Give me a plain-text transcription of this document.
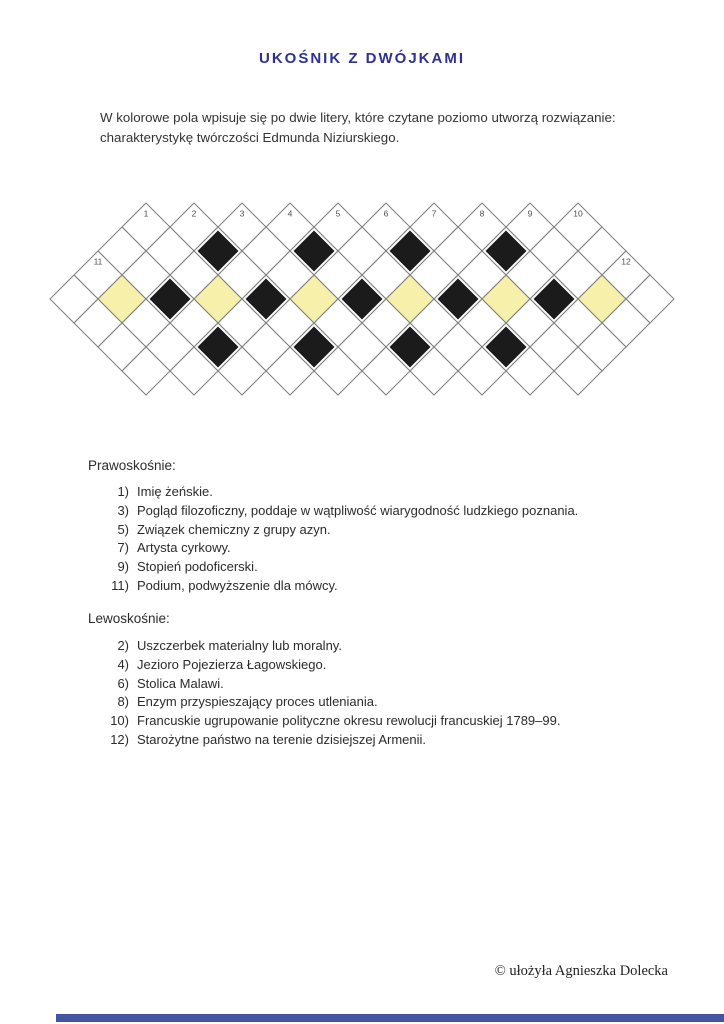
UKOŚNIK Z DWÓJKAMI
W kolorowe pola wpisuje się po dwie litery, które czytane poziomo utworzą rozwiązanie:
charakterystykę twórczości Edmunda Niziurskiego.
1	2	3	4	5	6	7	8	9	10
11	12
Prawoskośnie:
1) Imię żeńskie.
3) Pogląd filozoficzny, poddaje w wątpliwość wiarygodność ludzkiego poznania.
5) Związek chemiczny z grupy azyn.
7) Artysta cyrkowy.
9) Stopień podoficerski.
11) Podium, podwyższenie dla mówcy.
Lewoskośnie:
2) Uszczerbek materialny lub moralny.
4) Jezioro Pojezierza Łagowskiego.
6) Stolica Malawi.
8) Enzym przyspieszający proces utleniania.
10) Francuskie ugrupowanie polityczne okresu rewolucji francuskiej 1789–99.
12) Starożytne państwo na terenie dzisiejszej Armenii.
© ułożyła Agnieszka Dolecka
